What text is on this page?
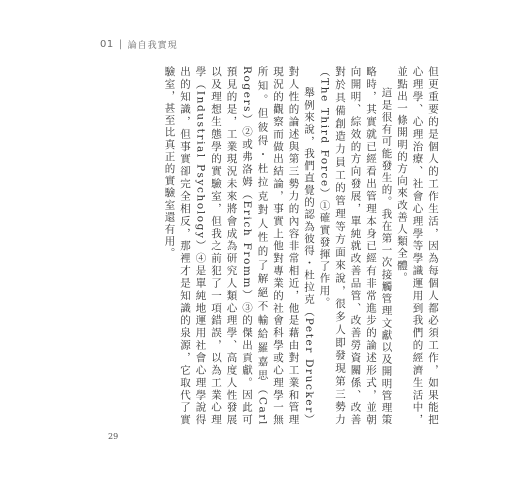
01 | 論自我實現

但更重要的是個人的工作生活，因為每個人都必須工作，如果能把心理學、心理治療、社會心理學等學識運用到我們的經濟生活中，並點出一條開明的方向來改善人類全體。

這是很有可能發生的。我在第一次接觸管理文獻以及開明管理策略時，其實就已經看出管理本身已經有非常進步的論述形式，並朝向開明、綜效的方向發展，單純就改善品管、改善勞資關係、改善對於具備創造力員工的管理等方面來說，很多人即發現第三勢力（The Third Force）①確實發揮了作用。

舉例來說，我們直覺的認為彼得・杜拉克（Peter Drucker）對人性的論述與第三勢力的內容非常相近，他是藉由對工業和管理現況的觀察而做出結論，事實上他對專業的社會科學或心理學一無所知。但彼得・杜拉克對人性的了解絕不輸給羅嘉思（Carl Rogers）②或弗洛姆（Erich Fromm）③的傑出貢獻。因此可預見的是，工業現況未來將會成為研究人類心理學、高度人性發展以及理想生態學的實驗室，但我之前犯了一項錯誤，以為工業心理學（Industrial Psychology）④是單純地運用社會心理學說得出的知識，但事實卻完全相反，那裡才是知識的泉源，它取代了實驗室，甚至比真正的實驗室還有用。

29
